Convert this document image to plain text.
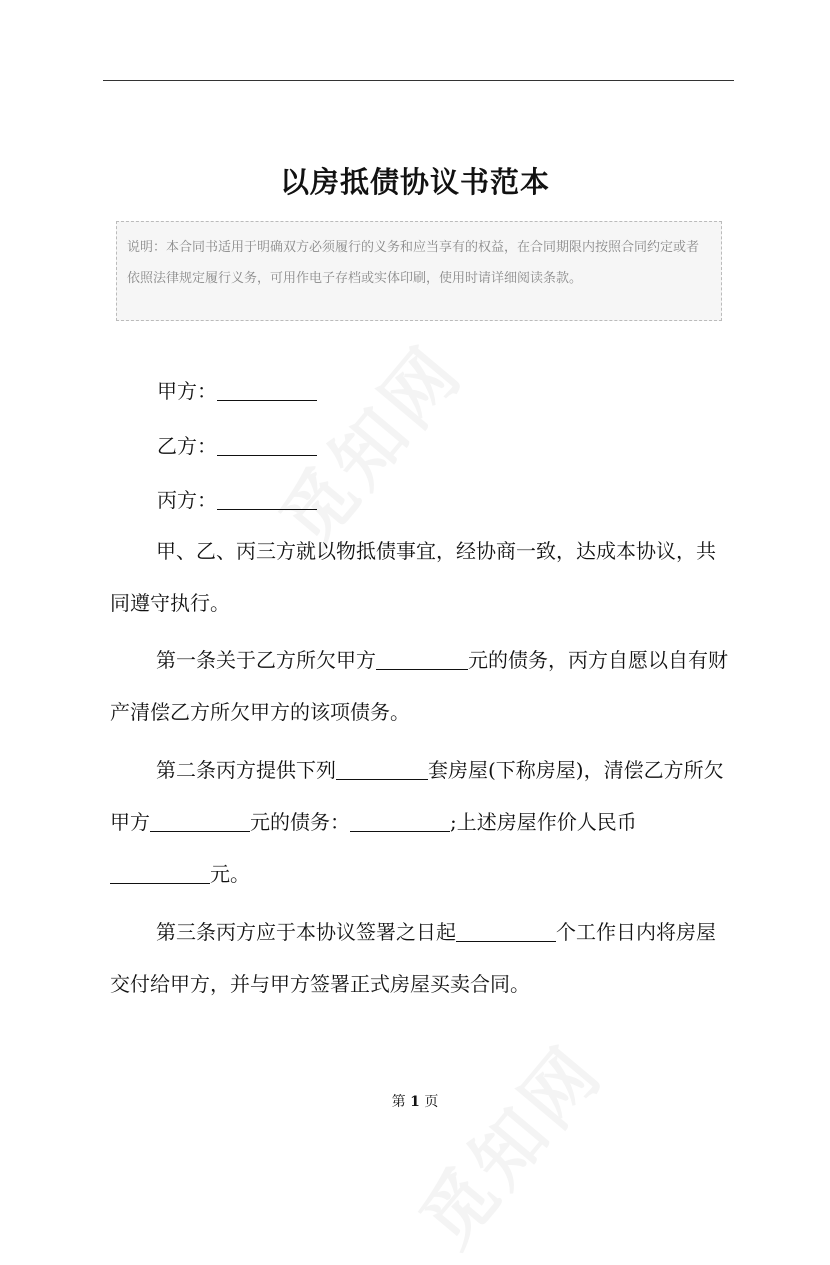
以房抵债协议书范本
说明：本合同书适用于明确双方必须履行的义务和应当享有的权益，在合同期限内按照合同约定或者依照法律规定履行义务，可用作电子存档或实体印刷，使用时请详细阅读条款。
甲方：
乙方：
丙方：
甲、乙、丙三方就以物抵债事宜，经协商一致，达成本协议，共同遵守执行。
第一条关于乙方所欠甲方	元的债务，丙方自愿以自有财产清偿乙方所欠甲方的该项债务。
第二条丙方提供下列	套房屋(下称房屋)，清偿乙方所欠甲方	元的债务：	;上述房屋作价人民币元。
第三条丙方应于本协议签署之日起	个工作日内将房屋交付给甲方，并与甲方签署正式房屋买卖合同。
第 1 页
